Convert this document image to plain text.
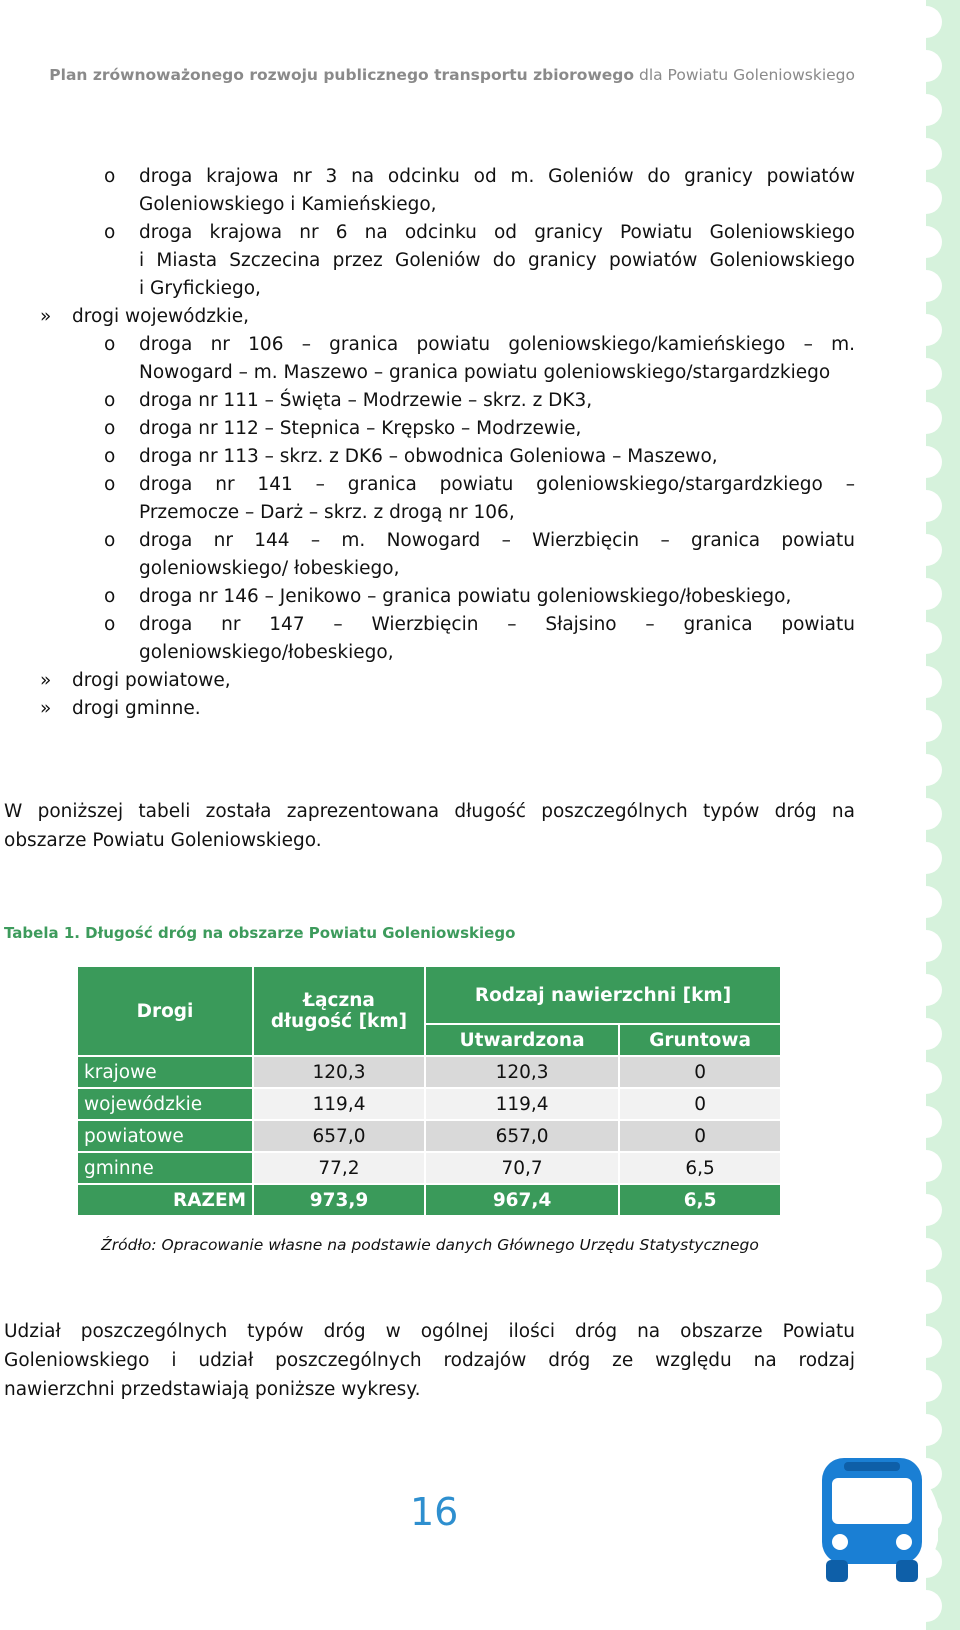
Plan zrównoważonego rozwoju publicznego transportu zbiorowego dla Powiatu Goleniowskiego
o droga krajowa nr 3 na odcinku od m. Goleniów do granicy powiatów
Goleniowskiego i Kamieńskiego,
o droga krajowa nr 6 na odcinku od granicy Powiatu Goleniowskiego
i Miasta Szczecina przez Goleniów do granicy powiatów Goleniowskiego
i Gryfickiego,
» drogi wojewódzkie,
o droga nr 106 – granica powiatu goleniowskiego/kamieńskiego – m.
Nowogard – m. Maszewo – granica powiatu goleniowskiego/stargardzkiego
o droga nr 111 – Święta – Modrzewie – skrz. z DK3,
o droga nr 112 – Stepnica – Krępsko – Modrzewie,
o droga nr 113 – skrz. z DK6 – obwodnica Goleniowa – Maszewo,
o droga nr 141 – granica powiatu goleniowskiego/stargardzkiego –
Przemocze – Darż – skrz. z drogą nr 106,
o droga nr 144 – m. Nowogard – Wierzbięcin – granica powiatu
goleniowskiego/ łobeskiego,
o droga nr 146 – Jenikowo – granica powiatu goleniowskiego/łobeskiego,
o droga nr 147 – Wierzbięcin – Słajsino – granica powiatu
goleniowskiego/łobeskiego,
» drogi powiatowe,
» drogi gminne.
W poniższej tabeli została zaprezentowana długość poszczególnych typów dróg na
obszarze Powiatu Goleniowskiego.
Tabela 1. Długość dróg na obszarze Powiatu Goleniowskiego
Drogi	Łączna długość [km]	Rodzaj nawierzchni [km]	
		Utwardzona	Gruntowa
krajowe	120,3	120,3	0
wojewódzkie	119,4	119,4	0
powiatowe	657,0	657,0	0
gminne	77,2	70,7	6,5
RAZEM	973,9	967,4	6,5
Źródło: Opracowanie własne na podstawie danych Głównego Urzędu Statystycznego
Udział poszczególnych typów dróg w ogólnej ilości dróg na obszarze Powiatu
Goleniowskiego i udział poszczególnych rodzajów dróg ze względu na rodzaj
nawierzchni przedstawiają poniższe wykresy.
16
